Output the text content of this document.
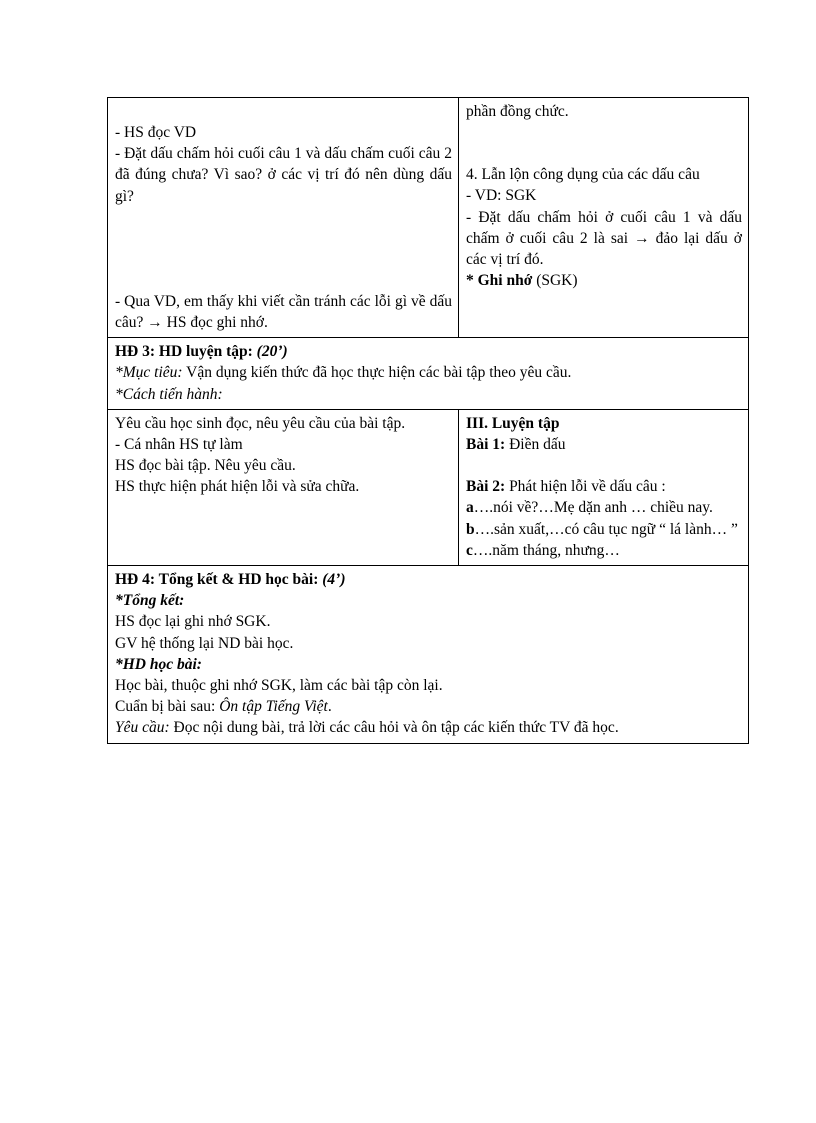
- HS đọc VD

- Đặt dấu chấm hỏi cuối câu 1 và dấu chấm cuối câu 2 đã đúng chưa? Vì sao? ở các vị trí đó nên dùng dấu gì?

- Qua VD, em thấy khi viết cần tránh các lỗi gì về dấu câu? → HS đọc ghi nhớ.

phần đồng chức.

4. Lẫn lộn công dụng của các dấu câu

- VD: SGK

- Đặt dấu chấm hỏi ở cuối câu 1 và dấu chấm ở cuối câu 2 là sai → đảo lại dấu ở các vị trí đó.

* Ghi nhớ (SGK)

HĐ 3: HD luyện tập: (20’)

*Mục tiêu: Vận dụng kiến thức đã học thực hiện các bài tập theo yêu cầu.

*Cách tiến hành:

Yêu cầu học sinh đọc, nêu yêu cầu của bài tập.

- Cá nhân HS tự làm

HS đọc bài tập. Nêu yêu cầu.

HS thực hiện phát hiện lỗi và sửa chữa.

III. Luyện tập

Bài 1: Điền dấu

Bài 2: Phát hiện lỗi về dấu câu :

a….nói về?…Mẹ dặn anh … chiều nay.

b….sản xuất,…có câu tục ngữ “ lá lành… ”

c….năm tháng, nhưng…

HĐ 4: Tổng kết & HD học bài: (4’)

*Tổng kết:

HS đọc lại ghi nhớ SGK.

GV hệ thống lại ND bài học.

*HD học bài:

Học bài, thuộc ghi nhớ SGK, làm các bài tập còn lại.

Cuẩn bị bài sau: Ôn tập Tiếng Việt.

Yêu cầu: Đọc nội dung bài, trả lời các câu hỏi và ôn tập các kiến thức TV đã học.
